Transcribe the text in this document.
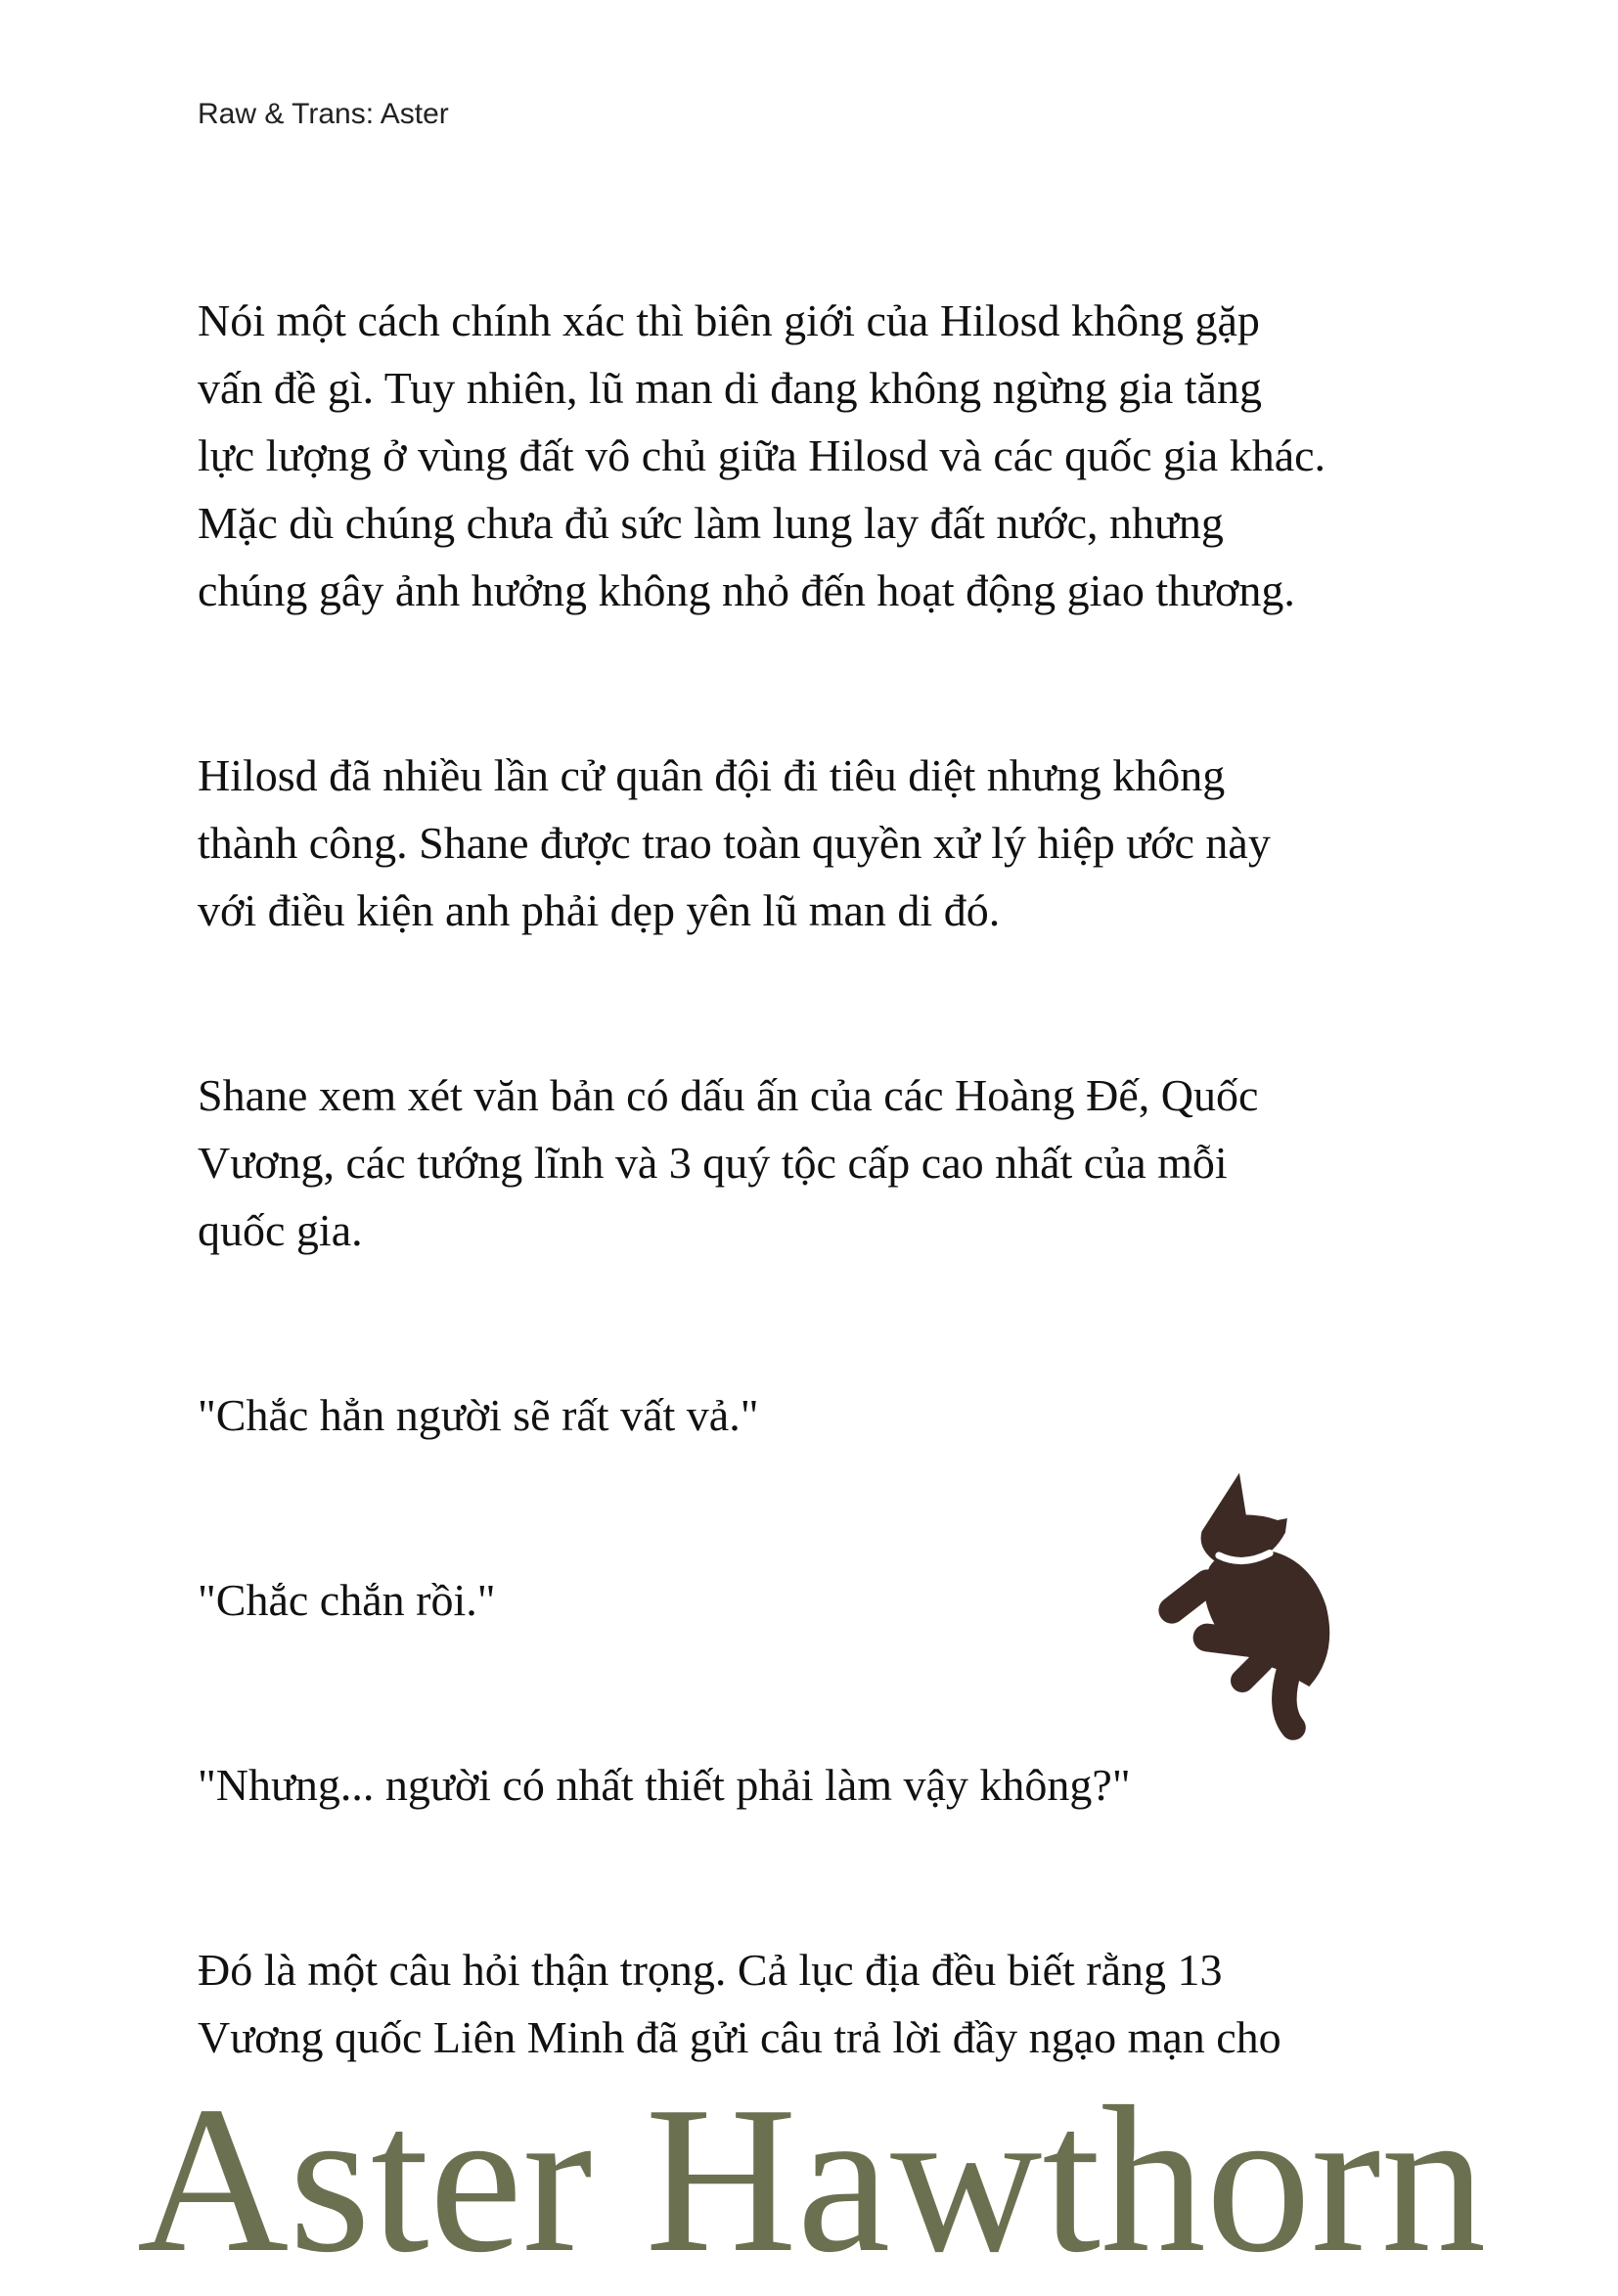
Raw & Trans: Aster
Nói một cách chính xác thì biên giới của Hilosd không gặp
vấn đề gì. Tuy nhiên, lũ man di đang không ngừng gia tăng
lực lượng ở vùng đất vô chủ giữa Hilosd và các quốc gia khác.
Mặc dù chúng chưa đủ sức làm lung lay đất nước, nhưng
chúng gây ảnh hưởng không nhỏ đến hoạt động giao thương.
Hilosd đã nhiều lần cử quân đội đi tiêu diệt nhưng không
thành công. Shane được trao toàn quyền xử lý hiệp ước này
với điều kiện anh phải dẹp yên lũ man di đó.
Shane xem xét văn bản có dấu ấn của các Hoàng Đế, Quốc
Vương, các tướng lĩnh và 3 quý tộc cấp cao nhất của mỗi
quốc gia.
"Chắc hẳn người sẽ rất vất vả."
"Chắc chắn rồi."
"Nhưng... người có nhất thiết phải làm vậy không?"
Đó là một câu hỏi thận trọng. Cả lục địa đều biết rằng 13
Vương quốc Liên Minh đã gửi câu trả lời đầy ngạo mạn cho
Aster Hawthorn
